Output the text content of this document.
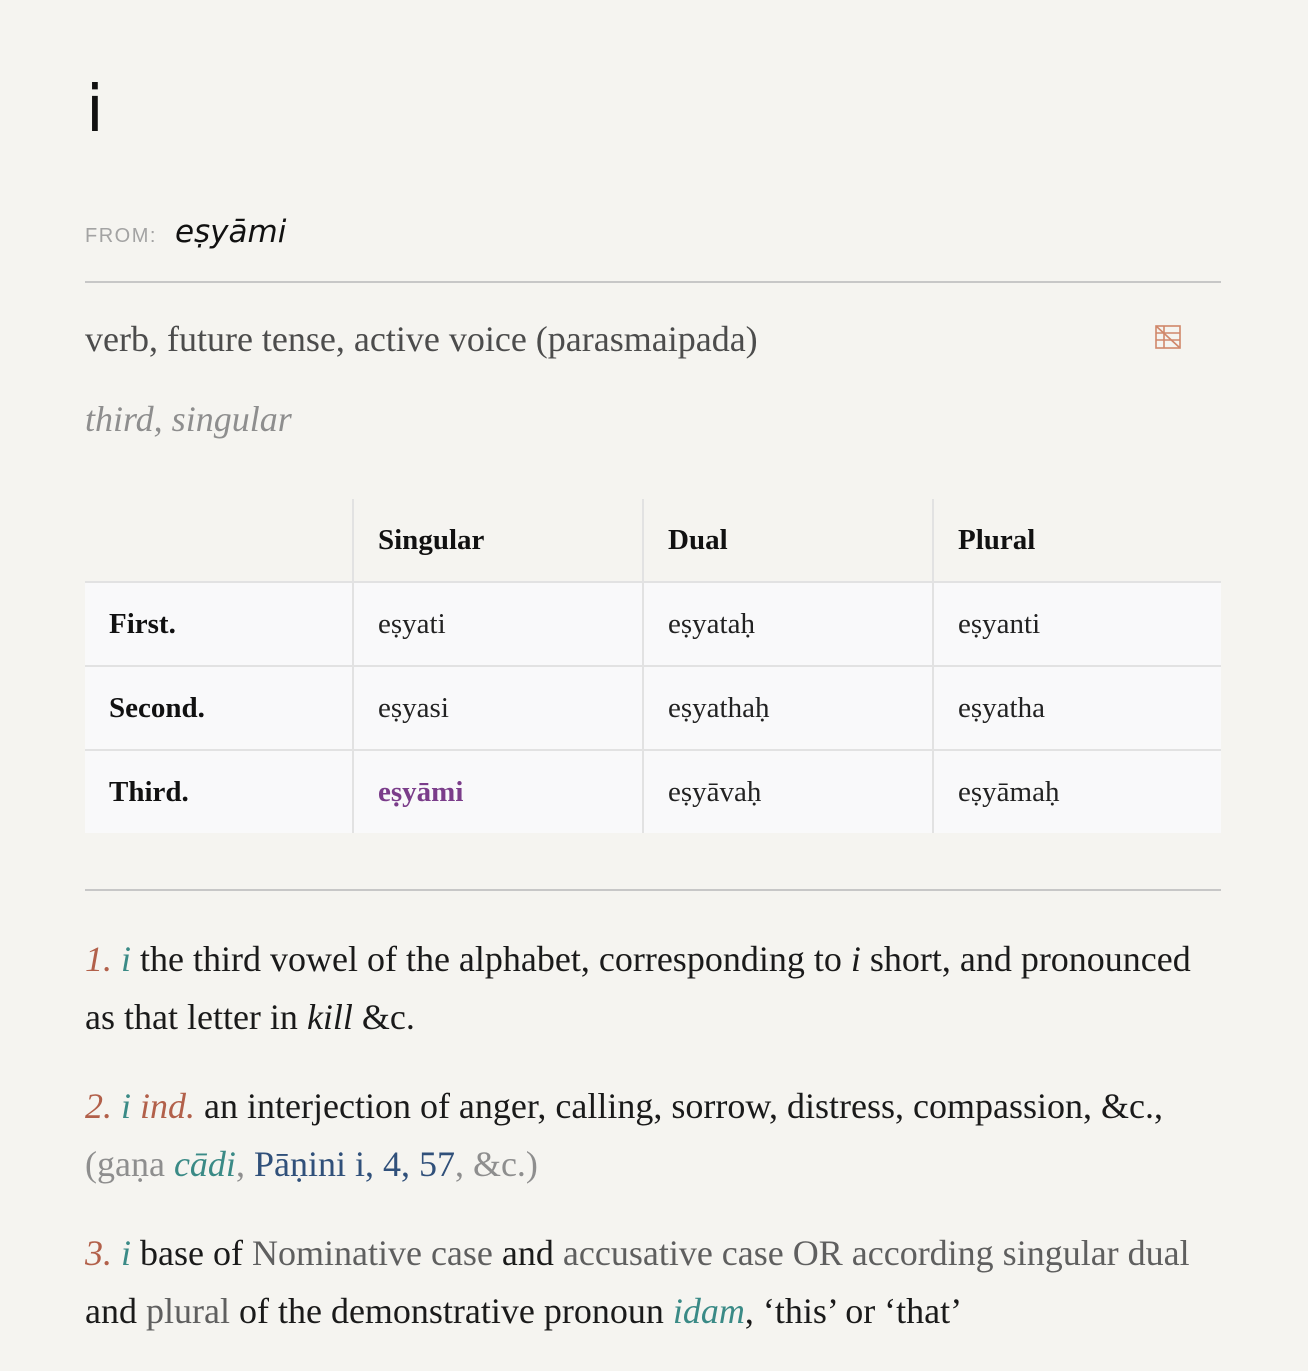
i
FROM: eṣyāmi
verb, future tense, active voice (parasmaipada)
third, singular
	Singular	Dual	Plural
First.	eṣyati	eṣyataḥ	eṣyanti
Second.	eṣyasi	eṣyathaḥ	eṣyatha
Third.	eṣyāmi	eṣyāvaḥ	eṣyāmaḥ

1. i the third vowel of the alphabet, corresponding to i short, and pronounced as that letter in kill &c.

2. i ind. an interjection of anger, calling, sorrow, distress, compassion, &c., (gaṇa cādi, Pāṇini i, 4, 57, &c.)

3. i base of Nominative case and accusative case OR according singular dual and plural of the demonstrative pronoun idam, ‘this’ or ‘that’
